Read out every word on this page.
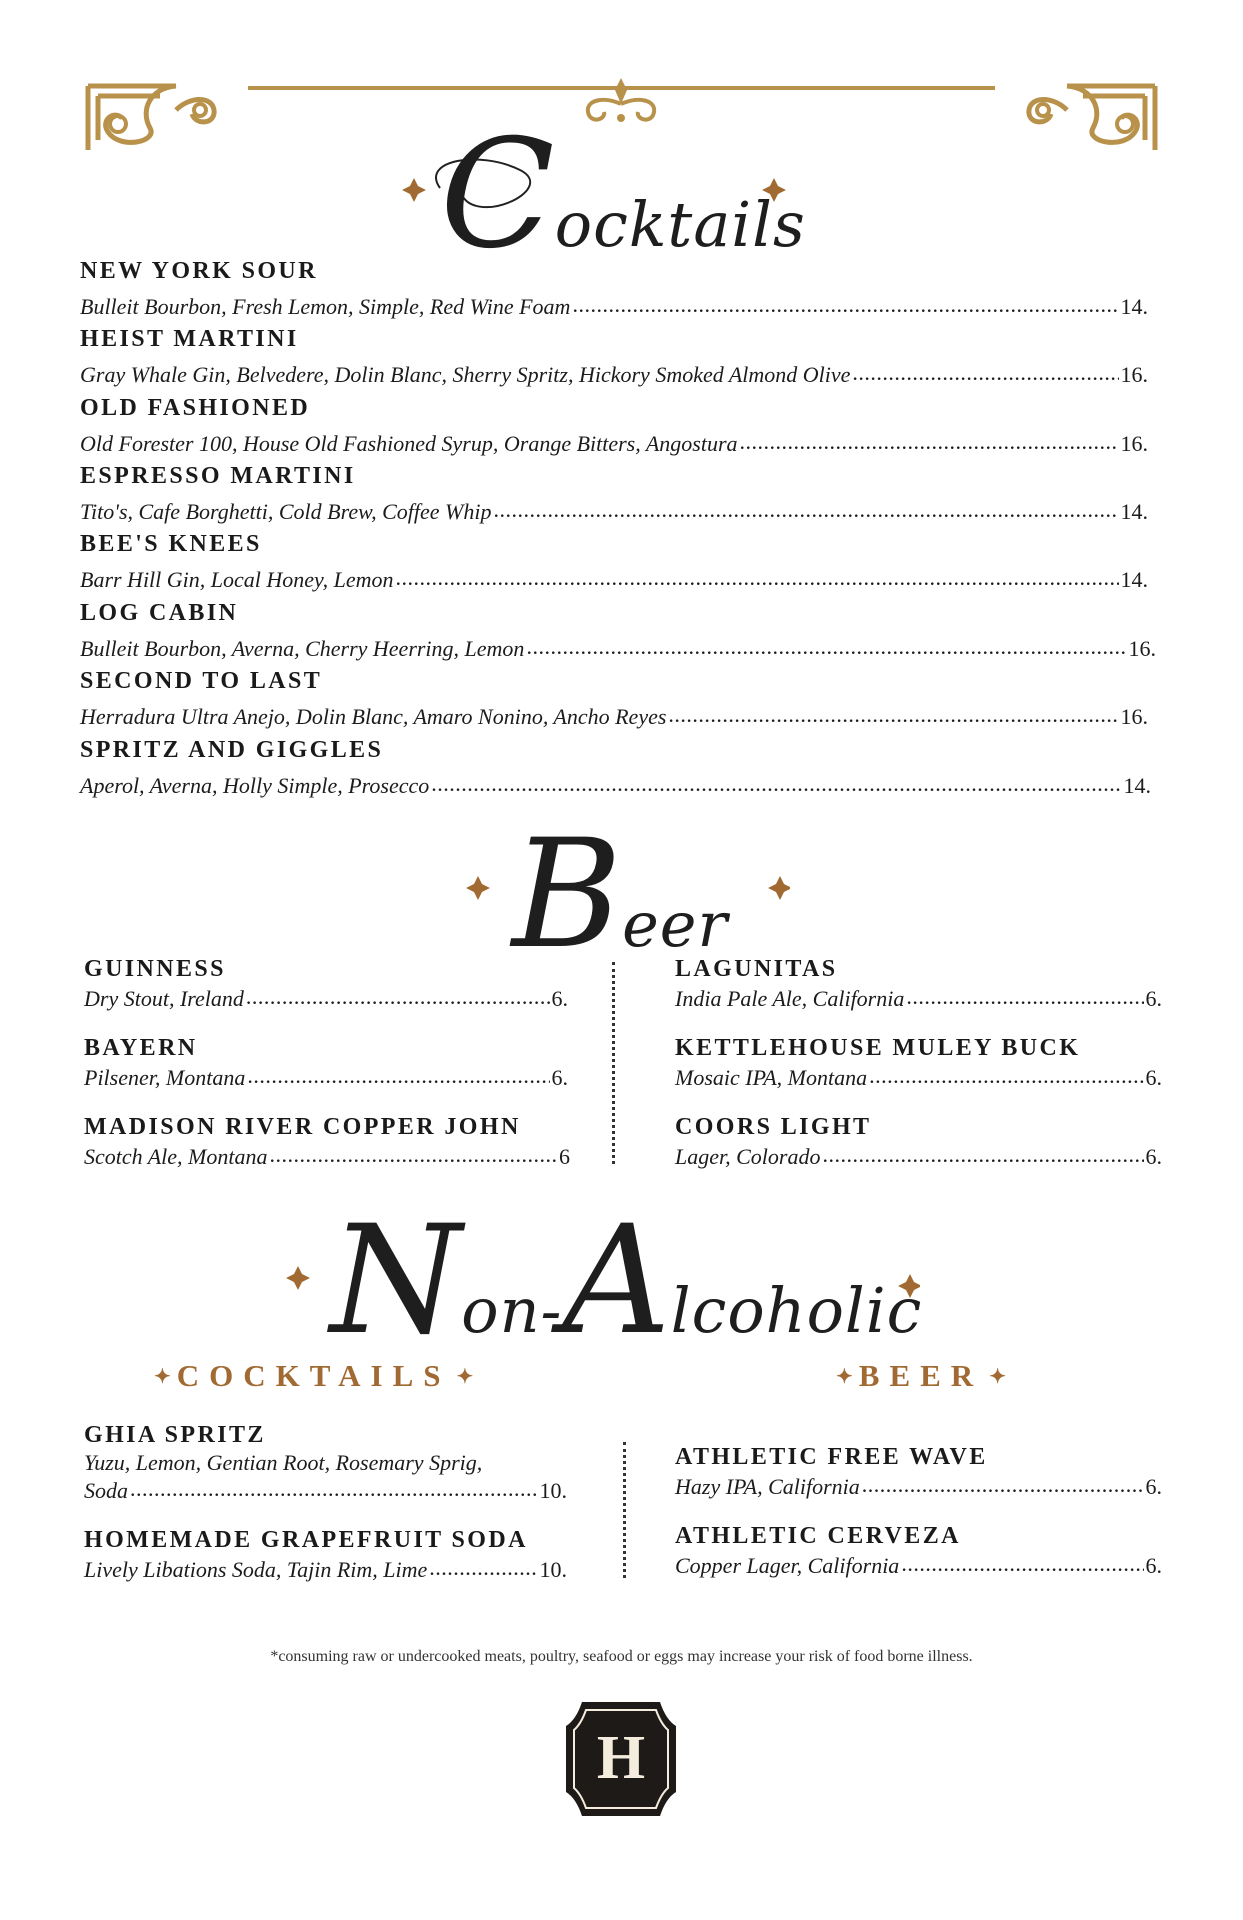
Cocktails
NEW YORK SOUR
Bulleit Bourbon, Fresh Lemon, Simple, Red Wine Foam .....	14.
HEIST MARTINI
Gray Whale Gin, Belvedere, Dolin Blanc, Sherry Spritz, Hickory Smoked Almond Olive .....	16.
OLD FASHIONED
Old Forester 100, House Old Fashioned Syrup, Orange Bitters, Angostura .....	16.
ESPRESSO MARTINI
Tito's, Cafe Borghetti, Cold Brew, Coffee Whip .....	14.
BEE'S KNEES
Barr Hill Gin, Local Honey, Lemon .....	14.
LOG CABIN
Bulleit Bourbon, Averna, Cherry Heerring, Lemon .....	16.
SECOND TO LAST
Herradura Ultra Anejo, Dolin Blanc, Amaro Nonino, Ancho Reyes .....	16.
SPRITZ AND GIGGLES
Aperol, Averna, Holly Simple, Prosecco .....	14.
Beer
GUINNESS
Dry Stout, Ireland .....	6.
BAYERN
Pilsener, Montana .....	6.
MADISON RIVER COPPER JOHN
Scotch Ale, Montana .....	6
LAGUNITAS
India Pale Ale, California .....	6.
KETTLEHOUSE MULEY BUCK
Mosaic IPA, Montana .....	6.
COORS LIGHT
Lager, Colorado .....	6.
Non-Alcoholic
✦ COCKTAILS ✦	✦ BEER ✦
GHIA SPRITZ
Yuzu, Lemon, Gentian Root, Rosemary Sprig,
Soda .....	10.
HOMEMADE GRAPEFRUIT SODA
Lively Libations Soda, Tajin Rim, Lime .....	10.
ATHLETIC FREE WAVE
Hazy IPA, California .....	6.
ATHLETIC CERVEZA
Copper Lager, California .....	6.
*consuming raw or undercooked meats, poultry, seafood or eggs may increase your risk of food borne illness.
H
